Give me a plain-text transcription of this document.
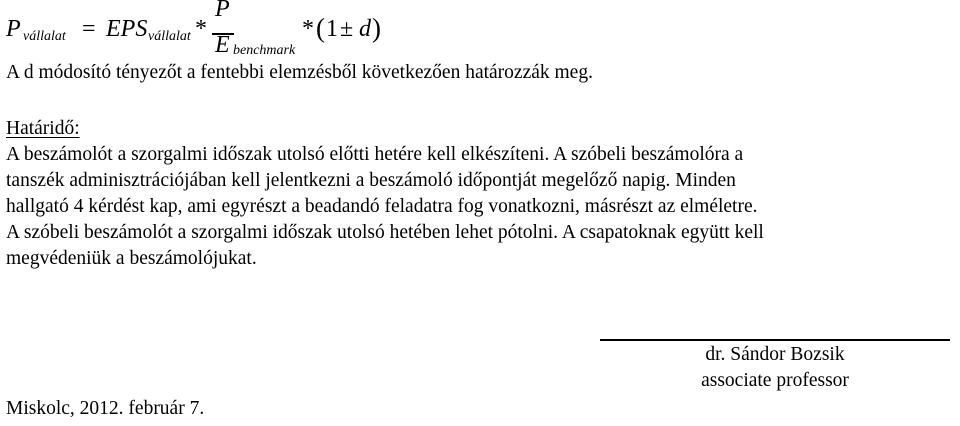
P vállalat = EPS vállalat *
P
E benchmark
* ( 1 ± d )
A d módosító tényezőt a fentebbi elemzésből következően határozzák meg.
Határidő:
A beszámolót a szorgalmi időszak utolsó előtti hetére kell elkészíteni. A szóbeli beszámolóra a
tanszék adminisztrációjában kell jelentkezni a beszámoló időpontját megelőző napig. Minden
hallgató 4 kérdést kap, ami egyrészt a beadandó feladatra fog vonatkozni, másrészt az elméletre.
A szóbeli beszámolót a szorgalmi időszak utolsó hetében lehet pótolni. A csapatoknak együtt kell
megvédeniük a beszámolójukat.
dr. Sándor Bozsik
associate professor
Miskolc, 2012. február 7.
